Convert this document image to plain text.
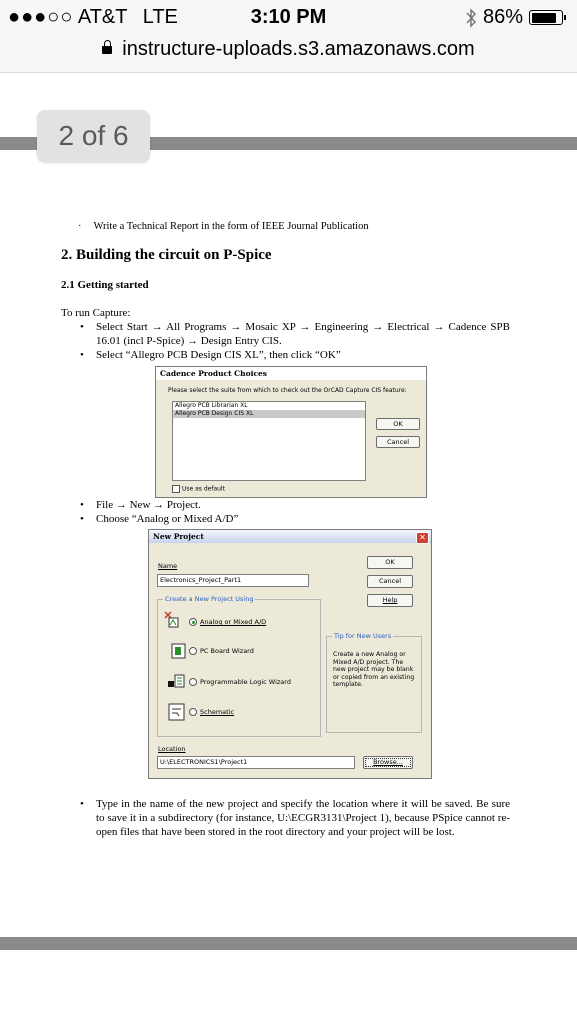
●●●○○ AT&T LTE	3:10 PM	86%
instructure-uploads.s3.amazonaws.com
2 of 6
· Write a Technical Report in the form of IEEE Journal Publication
2. Building the circuit on P-Spice
2.1 Getting started
To run Capture:
• Select Start → All Programs → Mosaic XP → Engineering → Electrical → Cadence SPB 16.01 (incl P-Spice) → Design Entry CIS.
• Select “Allegro PCB Design CIS XL”, then click “OK”
Cadence Product Choices
Please select the suite from which to check out the OrCAD Capture CIS feature:
Allegro PCB Librarian XL
Allegro PCB Design CIS XL
OK
Cancel
Use as default
• File → New → Project.
• Choose “Analog or Mixed A/D”
New Project	✕
Name
Electronics_Project_Part1
OK
Cancel
Help
Create a New Project Using
Analog or Mixed A/D
PC Board Wizard
Programmable Logic Wizard
Schematic
Tip for New Users
Create a new Analog or Mixed A/D project. The new project may be blank or copied from an existing template.
Location
U:\ELECTRONICS1\Project1	Browse...
• Type in the name of the new project and specify the location where it will be saved. Be sure to save it in a subdirectory (for instance, U:\ECGR3131\Project 1), because PSpice cannot re-open files that have been stored in the root directory and your project will be lost.
